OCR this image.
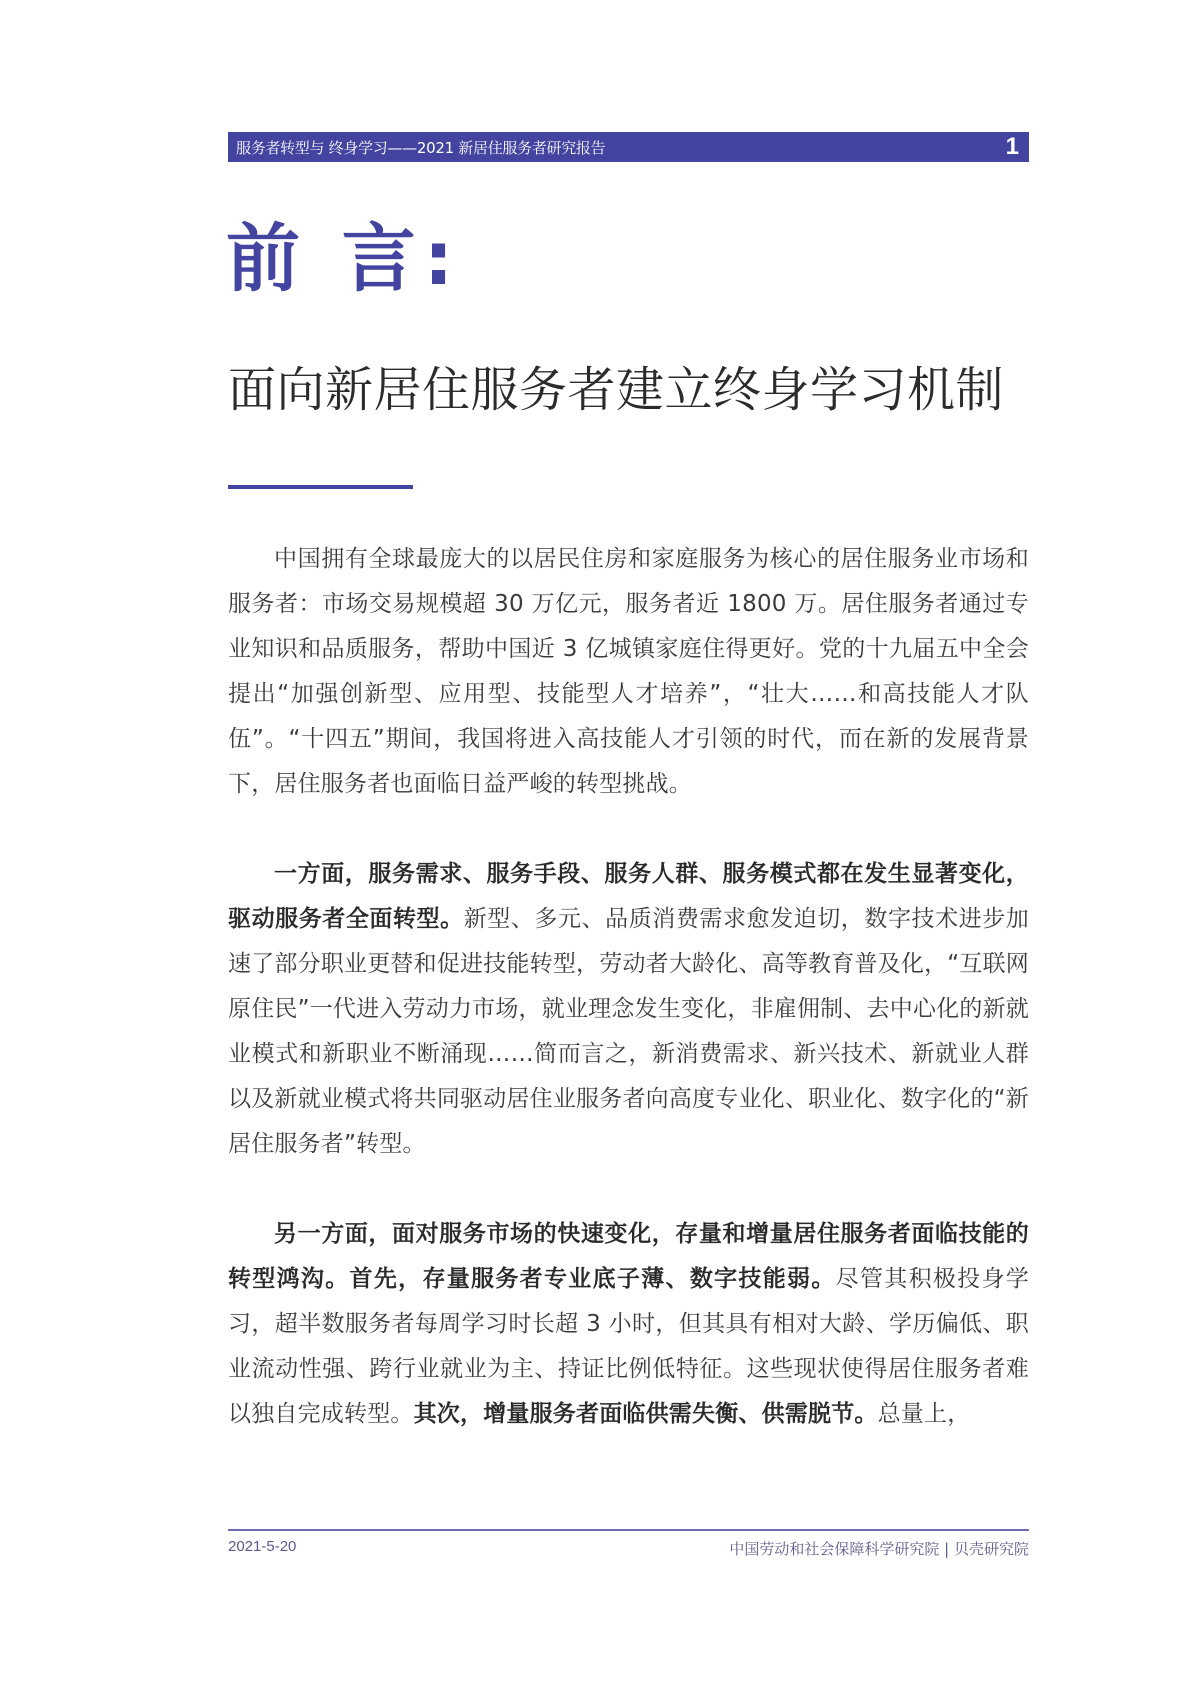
服务者转型与 终身学习——2021 新居住服务者研究报告	1
前 言:
面向新居住服务者建立终身学习机制

中国拥有全球最庞大的以居民住房和家庭服务为核心的居住服务业市场和服务者：市场交易规模超 30 万亿元，服务者近 1800 万。居住服务者通过专业知识和品质服务，帮助中国近 3 亿城镇家庭住得更好。党的十九届五中全会提出“加强创新型、应用型、技能型人才培养”，“壮大……和高技能人才队伍”。“十四五”期间，我国将进入高技能人才引领的时代，而在新的发展背景下，居住服务者也面临日益严峻的转型挑战。

一方面，服务需求、服务手段、服务人群、服务模式都在发生显著变化，驱动服务者全面转型。新型、多元、品质消费需求愈发迫切，数字技术进步加速了部分职业更替和促进技能转型，劳动者大龄化、高等教育普及化，“互联网原住民”一代进入劳动力市场，就业理念发生变化，非雇佣制、去中心化的新就业模式和新职业不断涌现……简而言之，新消费需求、新兴技术、新就业人群以及新就业模式将共同驱动居住业服务者向高度专业化、职业化、数字化的“新居住服务者”转型。

另一方面，面对服务市场的快速变化，存量和增量居住服务者面临技能的转型鸿沟。首先，存量服务者专业底子薄、数字技能弱。尽管其积极投身学习，超半数服务者每周学习时长超 3 小时，但其具有相对大龄、学历偏低、职业流动性强、跨行业就业为主、持证比例低特征。这些现状使得居住服务者难以独自完成转型。其次，增量服务者面临供需失衡、供需脱节。总量上，

2021-5-20	中国劳动和社会保障科学研究院 | 贝壳研究院
